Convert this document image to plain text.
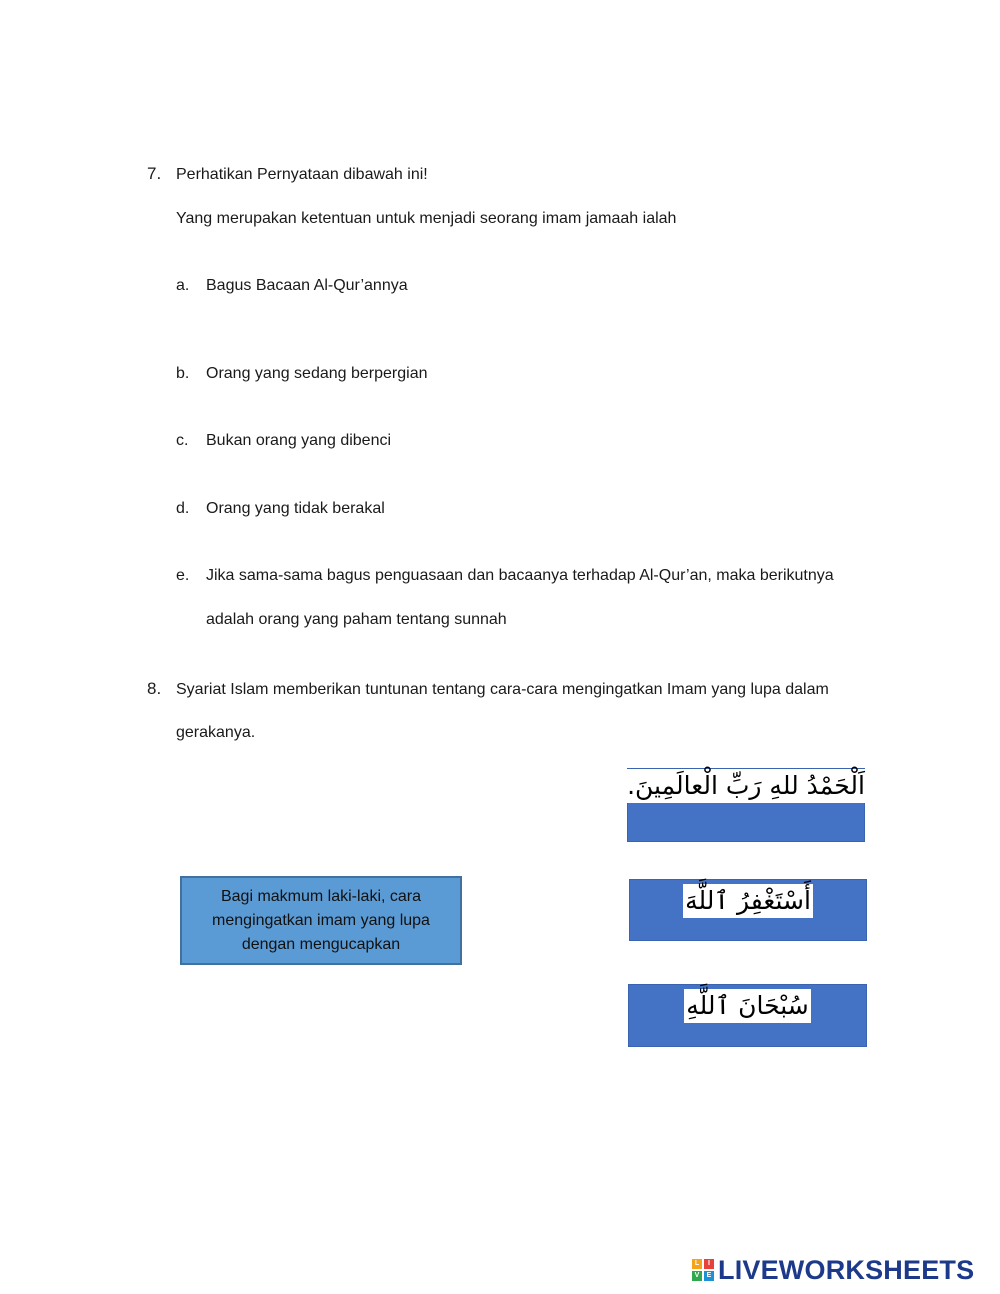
7. Perhatikan Pernyataan dibawah ini!
Yang merupakan ketentuan untuk menjadi seorang imam jamaah ialah
a.	Bagus Bacaan Al-Qur’annya
b.	Orang yang sedang berpergian
c.	Bukan orang yang dibenci
d.	Orang yang tidak berakal
e.	Jika sama-sama bagus penguasaan dan bacaanya terhadap Al-Qur’an, maka berikutnya
adalah orang yang paham tentang sunnah
8. Syariat Islam memberikan tuntunan tentang cara-cara mengingatkan Imam yang lupa dalam
gerakanya.
Bagi makmum laki-laki, cara mengingatkan imam yang lupa dengan mengucapkan
اَلْحَمْدُ للهِ رَبِّ الْعالَمِينَ.
أَسْتَغْفِرُ ٱللَّهَ
سُبْحَانَ ٱللَّهِ
L	I
V	E LIVEWORKSHEETS
